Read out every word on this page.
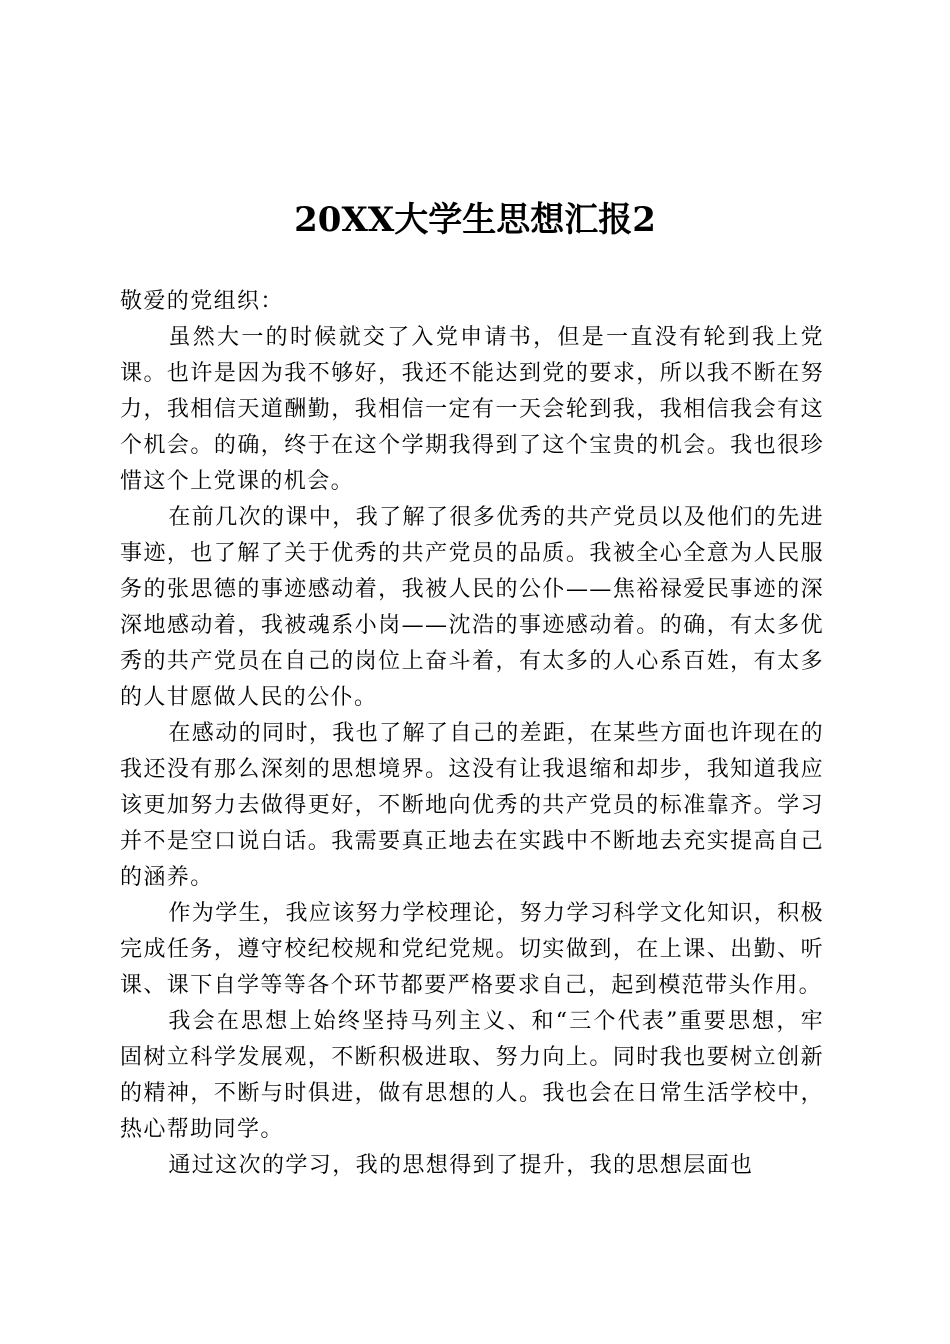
20XX大学生思想汇报2

敬爱的党组织：

虽然大一的时候就交了入党申请书，但是一直没有轮到我上党课。也许是因为我不够好，我还不能达到党的要求，所以我不断在努力，我相信天道酬勤，我相信一定有一天会轮到我，我相信我会有这个机会。的确，终于在这个学期我得到了这个宝贵的机会。我也很珍惜这个上党课的机会。

在前几次的课中，我了解了很多优秀的共产党员以及他们的先进事迹，也了解了关于优秀的共产党员的品质。我被全心全意为人民服务的张思德的事迹感动着，我被人民的公仆——焦裕禄爱民事迹的深深地感动着，我被魂系小岗——沈浩的事迹感动着。的确，有太多优秀的共产党员在自己的岗位上奋斗着，有太多的人心系百姓，有太多的人甘愿做人民的公仆。

在感动的同时，我也了解了自己的差距，在某些方面也许现在的我还没有那么深刻的思想境界。这没有让我退缩和却步，我知道我应该更加努力去做得更好，不断地向优秀的共产党员的标准靠齐。学习并不是空口说白话。我需要真正地去在实践中不断地去充实提高自己的涵养。

作为学生，我应该努力学校理论，努力学习科学文化知识，积极完成任务，遵守校纪校规和党纪党规。切实做到，在上课、出勤、听课、课下自学等等各个环节都要严格要求自己，起到模范带头作用。

我会在思想上始终坚持马列主义、和“三个代表”重要思想，牢固树立科学发展观，不断积极进取、努力向上。同时我也要树立创新的精神，不断与时俱进，做有思想的人。我也会在日常生活学校中，热心帮助同学。

通过这次的学习，我的思想得到了提升，我的思想层面也
